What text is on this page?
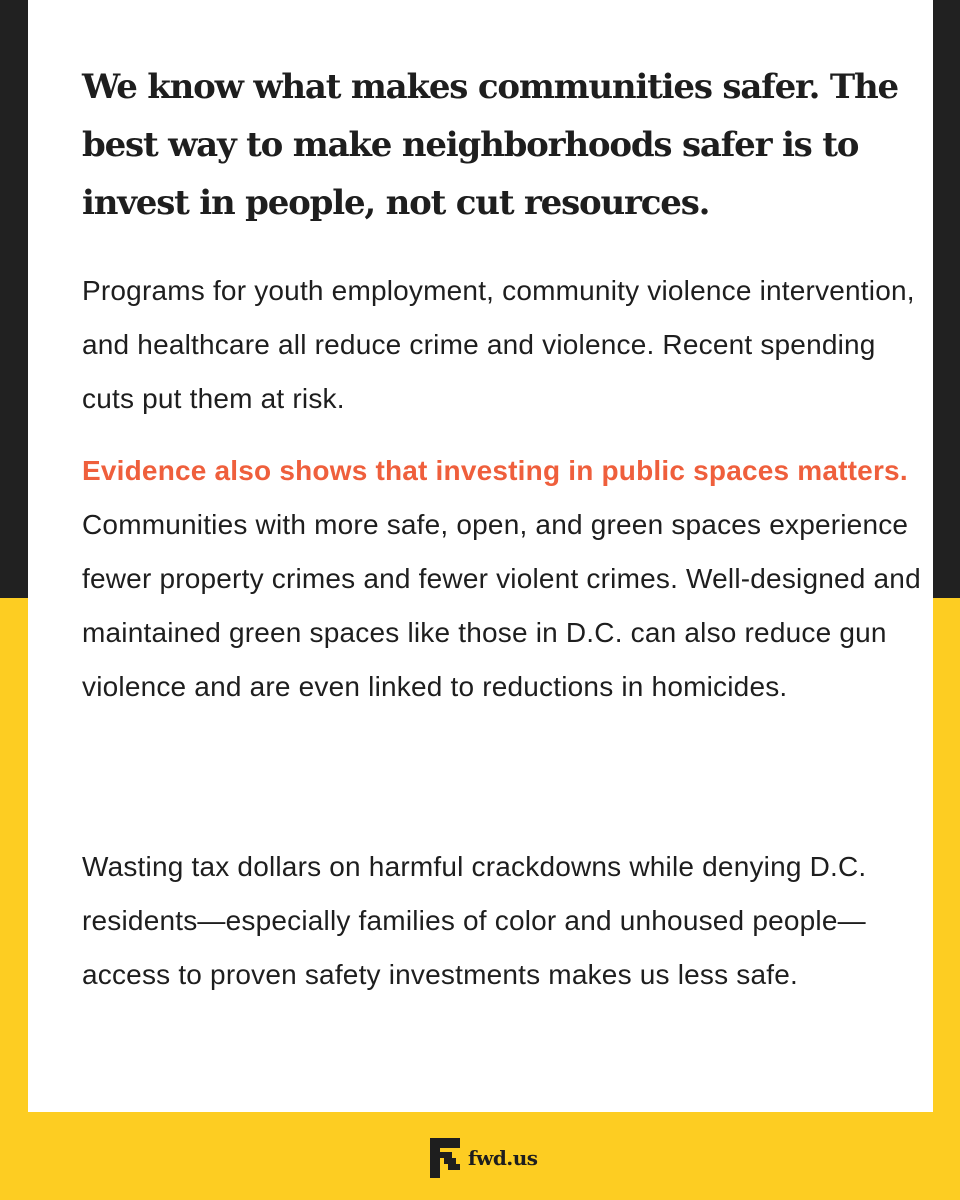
We know what makes communities safer. The best way to make neighborhoods safer is to invest in people, not cut resources.

Programs for youth employment, community violence intervention, and healthcare all reduce crime and violence. Recent spending cuts put them at risk.

Evidence also shows that investing in public spaces matters. Communities with more safe, open, and green spaces experience fewer property crimes and fewer violent crimes. Well-designed and maintained green spaces like those in D.C. can also reduce gun violence and are even linked to reductions in homicides.

Wasting tax dollars on harmful crackdowns while denying D.C. residents—especially families of color and unhoused people— access to proven safety investments makes us less safe.

fwd.us
